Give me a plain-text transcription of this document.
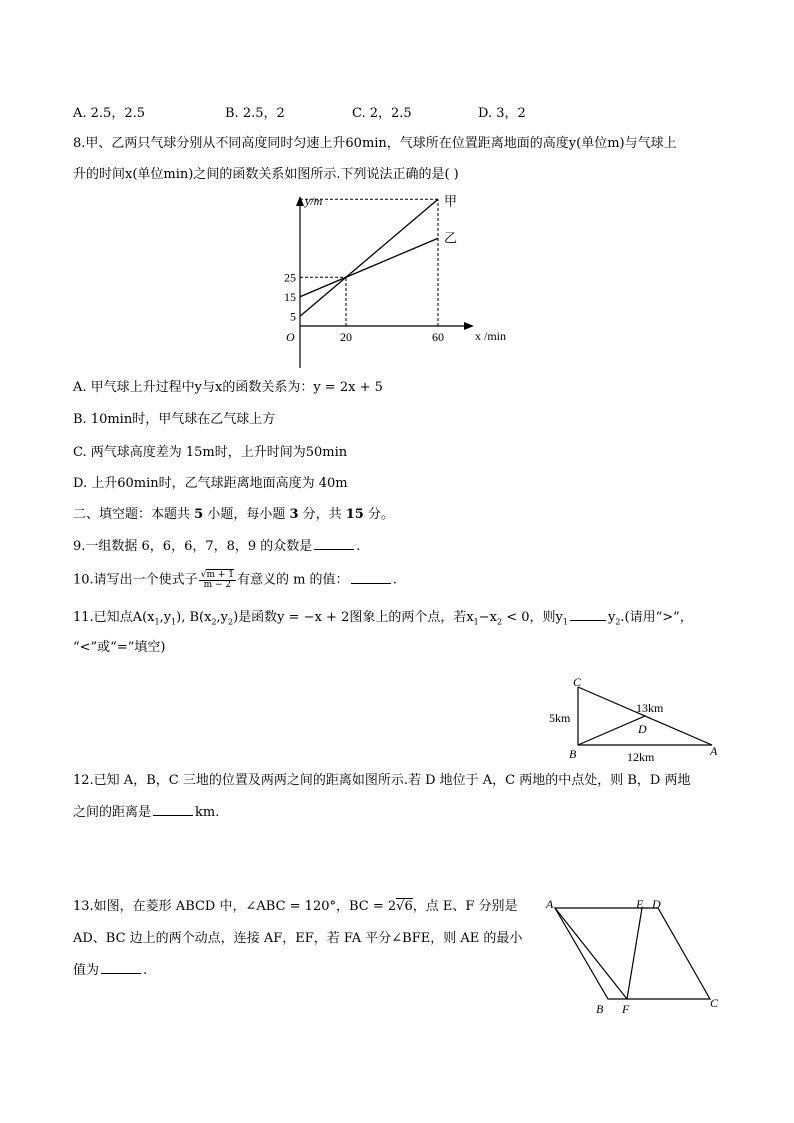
A. 2.5，2.5	B. 2.5，2	C. 2，2.5	D. 3，2
8.甲、乙两只气球分别从不同高度同时匀速上升60min，气球所在位置距离地面的高度y(单位m)与气球上
升的时间x(单位min)之间的函数关系如图所示.下列说法正确的是( )
y/m
x /min
O	20	60
5
15
25
甲
乙
A. 甲气球上升过程中y与x的函数关系为：y = 2x + 5
B. 10min时，甲气球在乙气球上方
C. 两气球高度差为 15m时，上升时间为50min
D. 上升60min时，乙气球距离地面高度为 40m
二、填空题：本题共 5 小题，每小题 3 分，共 15 分。
9.一组数据 6，6，6，7，8，9 的众数是	.
10.请写出一个使式子$\frac{√m + 1}{m - 2}$有意义的 m 的值：	.
11.已知点$A(x_1,y_1)$, $B(x_2,y_2)$是函数y = −x + 2图象上的两个点，若$x_1-x_2 < 0$，则$y_1$	$y_2$.(请用“>”，
“<”或“=”填空)
C
B	A
D
5km
13km
12km
12.已知 A，B，C 三地的位置及两两之间的距离如图所示.若 D 地位于 A，C 两地的中点处，则 B，D 两地
之间的距离是	km.
13.如图，在菱形 ABCD 中，∠ABC = 120°，BC = 2√6，点 E、F 分别是
AD、BC 边上的两个动点，连接 AF，EF，若 FA 平分∠BFE，则 AE 的最小
值为	.
A	E D
B F	C
